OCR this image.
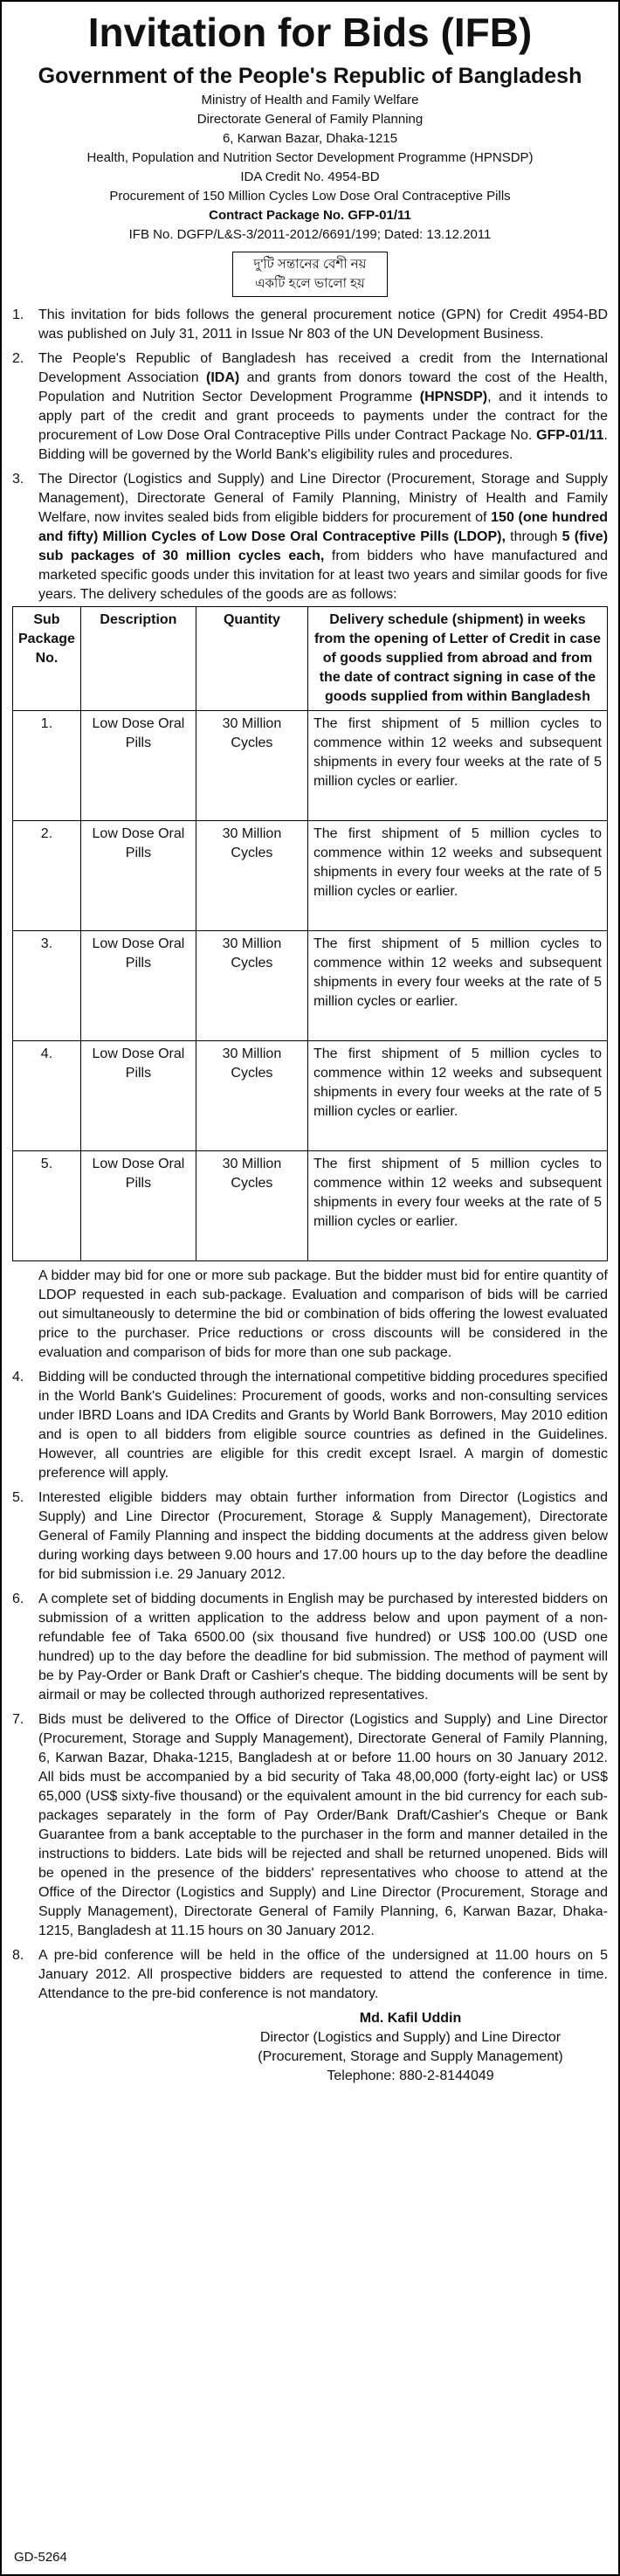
Invitation for Bids (IFB)
Government of the People's Republic of Bangladesh
Ministry of Health and Family Welfare
Directorate General of Family Planning
6, Karwan Bazar, Dhaka-1215
Health, Population and Nutrition Sector Development Programme (HPNSDP)
IDA Credit No. 4954-BD
Procurement of 150 Million Cycles Low Dose Oral Contraceptive Pills
Contract Package No. GFP-01/11
IFB No. DGFP/L&S-3/2011-2012/6691/199; Dated: 13.12.2011
দু'টি সন্তানের বেশী নয়
একটি হলে ভালো হয়
1.	This invitation for bids follows the general procurement notice (GPN) for Credit 4954-BD was published on July 31, 2011 in Issue Nr 803 of the UN Development Business.
2.	The People's Republic of Bangladesh has received a credit from the International Development Association (IDA) and grants from donors toward the cost of the Health, Population and Nutrition Sector Development Programme (HPNSDP), and it intends to apply part of the credit and grant proceeds to payments under the contract for the procurement of Low Dose Oral Contraceptive Pills under Contract Package No. GFP-01/11. Bidding will be governed by the World Bank's eligibility rules and procedures.
3.	The Director (Logistics and Supply) and Line Director (Procurement, Storage and Supply Management), Directorate General of Family Planning, Ministry of Health and Family Welfare, now invites sealed bids from eligible bidders for procurement of 150 (one hundred and fifty) Million Cycles of Low Dose Oral Contraceptive Pills (LDOP), through 5 (five) sub packages of 30 million cycles each, from bidders who have manufactured and marketed specific goods under this invitation for at least two years and similar goods for five years. The delivery schedules of the goods are as follows:
Sub Package No.	Description	Quantity	Delivery schedule (shipment) in weeks from the opening of Letter of Credit in case of goods supplied from abroad and from the date of contract signing in case of the goods supplied from within Bangladesh
1.	Low Dose Oral Pills	30 Million Cycles	The first shipment of 5 million cycles to commence within 12 weeks and subsequent shipments in every four weeks at the rate of 5 million cycles or earlier.
2.	Low Dose Oral Pills	30 Million Cycles	The first shipment of 5 million cycles to commence within 12 weeks and subsequent shipments in every four weeks at the rate of 5 million cycles or earlier.
3.	Low Dose Oral Pills	30 Million Cycles	The first shipment of 5 million cycles to commence within 12 weeks and subsequent shipments in every four weeks at the rate of 5 million cycles or earlier.
4.	Low Dose Oral Pills	30 Million Cycles	The first shipment of 5 million cycles to commence within 12 weeks and subsequent shipments in every four weeks at the rate of 5 million cycles or earlier.
5.	Low Dose Oral Pills	30 Million Cycles	The first shipment of 5 million cycles to commence within 12 weeks and subsequent shipments in every four weeks at the rate of 5 million cycles or earlier.
A bidder may bid for one or more sub package. But the bidder must bid for entire quantity of LDOP requested in each sub-package. Evaluation and comparison of bids will be carried out simultaneously to determine the bid or combination of bids offering the lowest evaluated price to the purchaser. Price reductions or cross discounts will be considered in the evaluation and comparison of bids for more than one sub package.
4.	Bidding will be conducted through the international competitive bidding procedures specified in the World Bank's Guidelines: Procurement of goods, works and non-consulting services under IBRD Loans and IDA Credits and Grants by World Bank Borrowers, May 2010 edition and is open to all bidders from eligible source countries as defined in the Guidelines. However, all countries are eligible for this credit except Israel. A margin of domestic preference will apply.
5.	Interested eligible bidders may obtain further information from Director (Logistics and Supply) and Line Director (Procurement, Storage & Supply Management), Directorate General of Family Planning and inspect the bidding documents at the address given below during working days between 9.00 hours and 17.00 hours up to the day before the deadline for bid submission i.e. 29 January 2012.
6.	A complete set of bidding documents in English may be purchased by interested bidders on submission of a written application to the address below and upon payment of a non-refundable fee of Taka 6500.00 (six thousand five hundred) or US$ 100.00 (USD one hundred) up to the day before the deadline for bid submission. The method of payment will be by Pay-Order or Bank Draft or Cashier's cheque. The bidding documents will be sent by airmail or may be collected through authorized representatives.
7.	Bids must be delivered to the Office of Director (Logistics and Supply) and Line Director (Procurement, Storage and Supply Management), Directorate General of Family Planning, 6, Karwan Bazar, Dhaka-1215, Bangladesh at or before 11.00 hours on 30 January 2012. All bids must be accompanied by a bid security of Taka 48,00,000 (forty-eight lac) or US$ 65,000 (US$ sixty-five thousand) or the equivalent amount in the bid currency for each sub-packages separately in the form of Pay Order/Bank Draft/Cashier's Cheque or Bank Guarantee from a bank acceptable to the purchaser in the form and manner detailed in the instructions to bidders. Late bids will be rejected and shall be returned unopened. Bids will be opened in the presence of the bidders' representatives who choose to attend at the Office of the Director (Logistics and Supply) and Line Director (Procurement, Storage and Supply Management), Directorate General of Family Planning, 6, Karwan Bazar, Dhaka-1215, Bangladesh at 11.15 hours on 30 January 2012.
8.	A pre-bid conference will be held in the office of the undersigned at 11.00 hours on 5 January 2012. All prospective bidders are requested to attend the conference in time. Attendance to the pre-bid conference is not mandatory.
Md. Kafil Uddin
Director (Logistics and Supply) and Line Director
(Procurement, Storage and Supply Management)
Telephone: 880-2-8144049
GD-5264
